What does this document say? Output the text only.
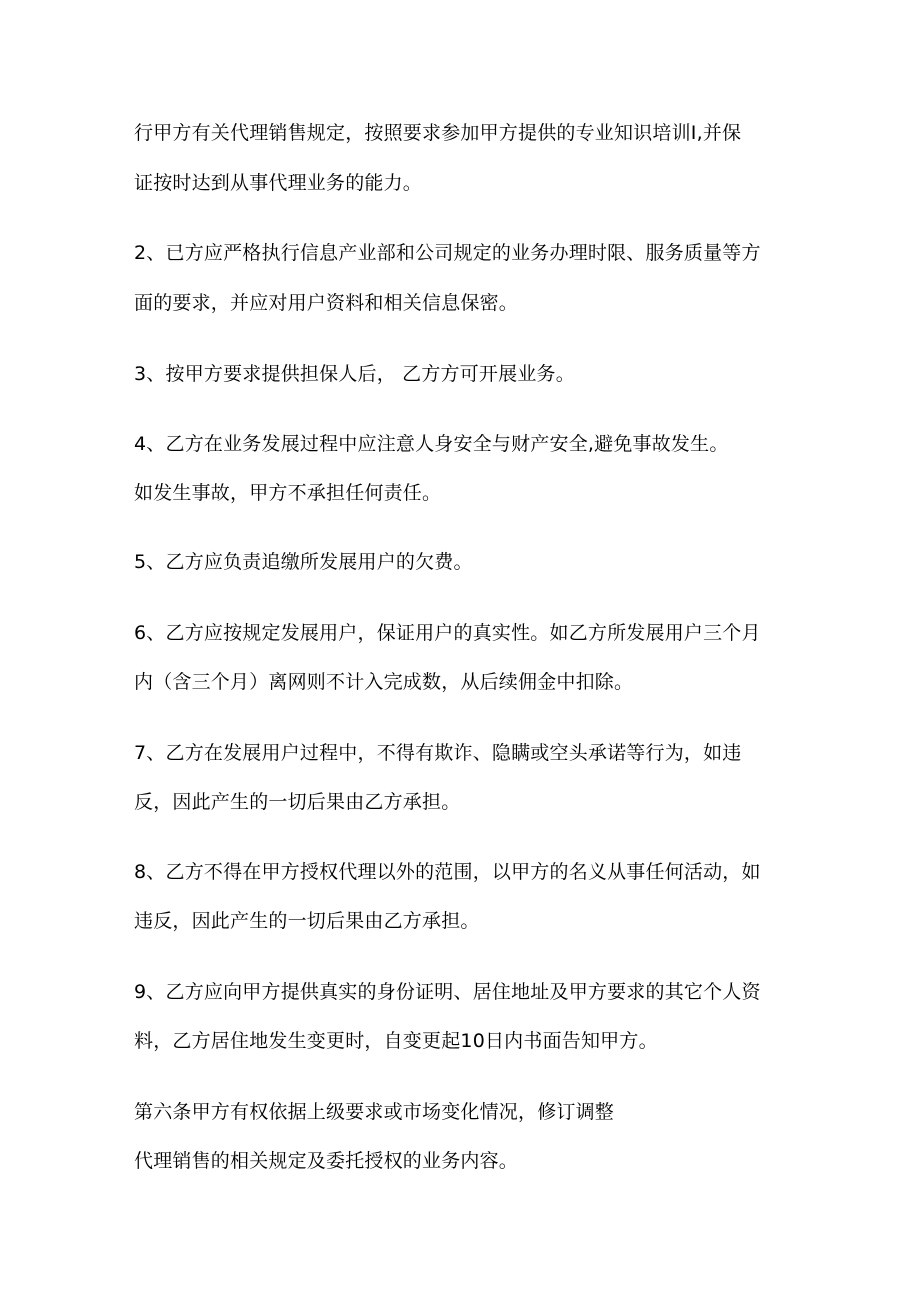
行甲方有关代理销售规定，按照要求参加甲方提供的专业知识培训Ⅰ,并保
证按时达到从事代理业务的能力。
2、已方应严格执行信息产业部和公司规定的业务办理时限、服务质量等方
面的要求，并应对用户资料和相关信息保密。
3、按甲方要求提供担保人后， 乙方方可开展业务。
4、乙方在业务发展过程中应注意人身安全与财产安全,避免事故发生。
如发生事故，甲方不承担任何责任。
5、乙方应负责追缴所发展用户的欠费。
6、乙方应按规定发展用户，保证用户的真实性。如乙方所发展用户三个月
内（含三个月）离网则不计入完成数，从后续佣金中扣除。
7、乙方在发展用户过程中，不得有欺诈、隐瞒或空头承诺等行为，如违
反，因此产生的一切后果由乙方承担。
8、乙方不得在甲方授权代理以外的范围，以甲方的名义从事任何活动，如
违反，因此产生的一切后果由乙方承担。
9、乙方应向甲方提供真实的身份证明、居住地址及甲方要求的其它个人资
料，乙方居住地发生变更时，自变更起10日内书面告知甲方。
第六条甲方有权依据上级要求或市场变化情况，修订调整
代理销售的相关规定及委托授权的业务内容。
